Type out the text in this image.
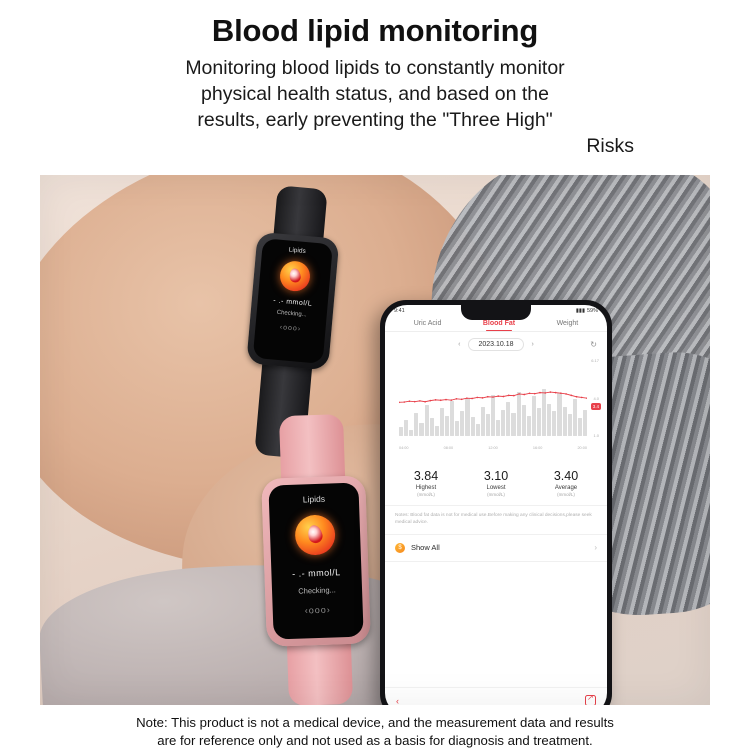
Blood lipid monitoring
Monitoring blood lipids to constantly monitor
physical health status, and based on the
results, early preventing the "Three High"
Risks
Lipids
- .- mmol/L
Checking...
‹ooo›
Lipids
- .- mmol/L
Checking...
‹ooo›
9:41	▮▮▮ 59%
Uric Acid	Blood Fat	Weight
‹	2023.10.18	›	↻
6.17
4.0
1.0
3.4
04:00	08:00	12:00	16:00	20:00
3.84
Highest
(mmol/L)
3.10
Lowest
(mmol/L)
3.40
Average
(mmol/L)
Notes: Blood fat data is not for medical use.Before making any clinical decisions,please seek medical advice.
$	Show All	›
‹
↗
Note: This product is not a medical device, and the measurement data and results
are for reference only and not used as a basis for diagnosis and treatment.
